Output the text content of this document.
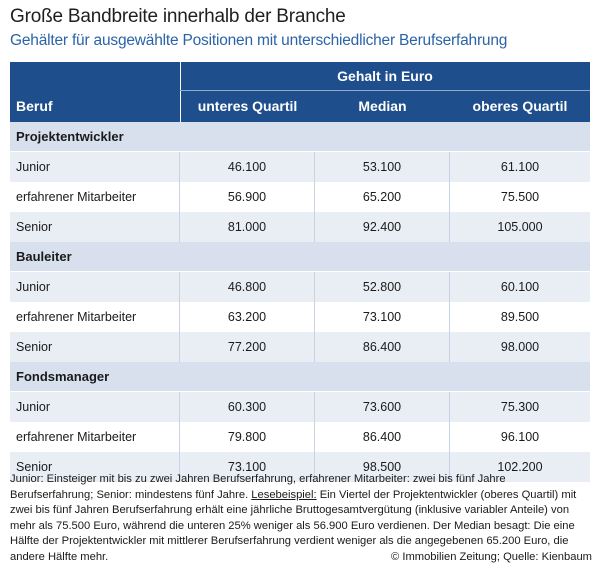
Große Bandbreite innerhalb der Branche
Gehälter für ausgewählte Positionen mit unterschiedlicher Berufserfahrung
Gehalt in Euro
Beruf	unteres Quartil	Median	oberes Quartil
Projektentwickler
Junior	46.100	53.100	61.100
erfahrener Mitarbeiter	56.900	65.200	75.500
Senior	81.000	92.400	105.000
Bauleiter
Junior	46.800	52.800	60.100
erfahrener Mitarbeiter	63.200	73.100	89.500
Senior	77.200	86.400	98.000
Fondsmanager
Junior	60.300	73.600	75.300
erfahrener Mitarbeiter	79.800	86.400	96.100
Senior	73.100	98.500	102.200
Junior: Einsteiger mit bis zu zwei Jahren Berufserfahrung, erfahrener Mitarbeiter: zwei bis fünf Jahre Berufserfahrung; Senior: mindestens fünf Jahre. Lesebeispiel: Ein Viertel der Projektentwickler (oberes Quartil) mit zwei bis fünf Jahren Berufserfahrung erhält eine jährliche Bruttogesamtvergütung (inklusive variabler Anteile) von mehr als 75.500 Euro, während die unteren 25% weniger als 56.900 Euro verdienen. Der Median besagt: Die eine Hälfte der Projektentwickler mit mittlerer Berufserfahrung verdient weniger als die angegebenen 65.200 Euro, die andere Hälfte mehr.	© Immobilien Zeitung; Quelle: Kienbaum
